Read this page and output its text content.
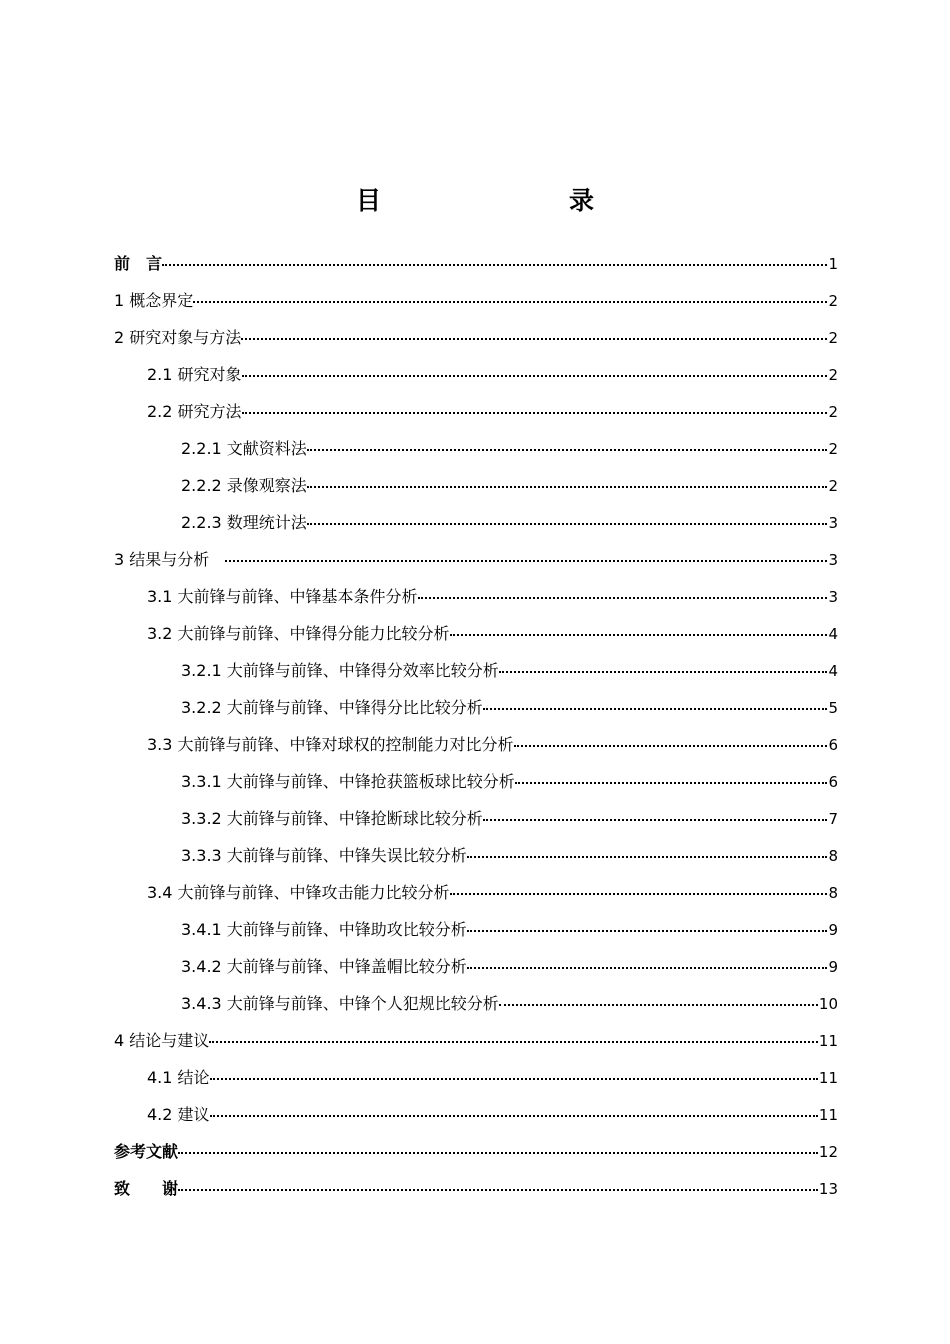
目　　录
前　言	1
1 概念界定	2
2 研究对象与方法	2
2.1 研究对象	2
2.2 研究方法	2
2.2.1 文献资料法	2
2.2.2 录像观察法	2
2.2.3 数理统计法	3
3 结果与分析　	3
3.1 大前锋与前锋、中锋基本条件分析	3
3.2 大前锋与前锋、中锋得分能力比较分析	4
3.2.1 大前锋与前锋、中锋得分效率比较分析	4
3.2.2 大前锋与前锋、中锋得分比比较分析	5
3.3 大前锋与前锋、中锋对球权的控制能力对比分析	6
3.3.1 大前锋与前锋、中锋抢获篮板球比较分析	6
3.3.2 大前锋与前锋、中锋抢断球比较分析	7
3.3.3 大前锋与前锋、中锋失误比较分析	8
3.4 大前锋与前锋、中锋攻击能力比较分析	8
3.4.1 大前锋与前锋、中锋助攻比较分析	9
3.4.2 大前锋与前锋、中锋盖帽比较分析	9
3.4.3 大前锋与前锋、中锋个人犯规比较分析	10
4 结论与建议	11
4.1 结论	11
4.2 建议	11
参考文献	12
致　　谢	13
